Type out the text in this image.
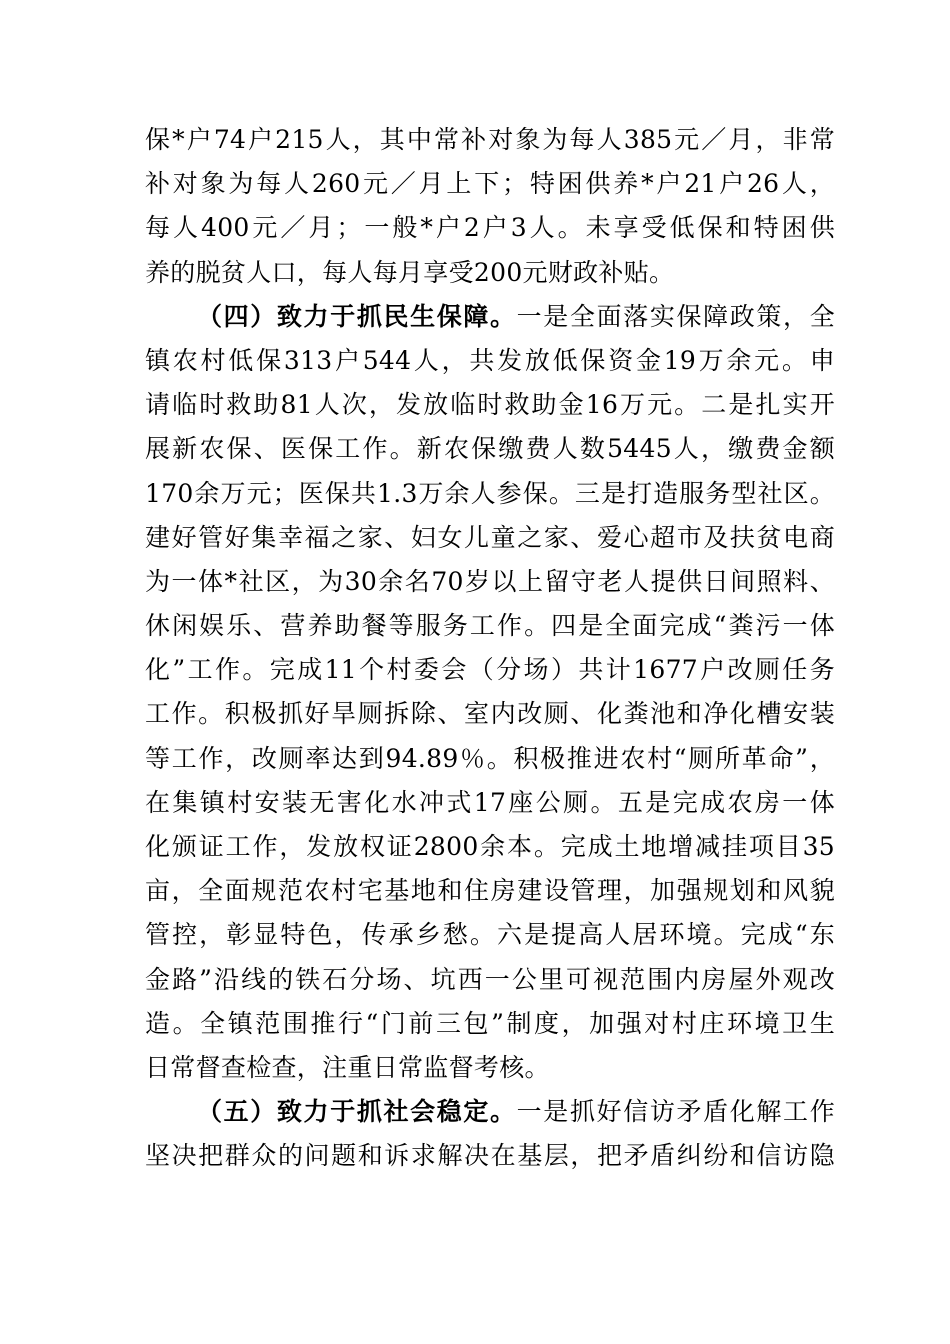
保*户74户215人，其中常补对象为每人385元／月，非常
补对象为每人260元／月上下；特困供养*户21户26人，
每人400元／月；一般*户2户3人。未享受低保和特困供
养的脱贫人口，每人每月享受200元财政补贴。
（四）致力于抓民生保障。一是全面落实保障政策，全
镇农村低保313户544人，共发放低保资金19万余元。申
请临时救助81人次，发放临时救助金16万元。二是扎实开
展新农保、医保工作。新农保缴费人数5445人，缴费金额
170余万元；医保共1.3万余人参保。三是打造服务型社区。
建好管好集幸福之家、妇女儿童之家、爱心超市及扶贫电商
为一体*社区，为30余名70岁以上留守老人提供日间照料、
休闲娱乐、营养助餐等服务工作。四是全面完成“粪污一体
化”工作。完成11个村委会（分场）共计1677户改厕任务
工作。积极抓好旱厕拆除、室内改厕、化粪池和净化槽安装
等工作，改厕率达到94.89％。积极推进农村“厕所革命”，
在集镇村安装无害化水冲式17座公厕。五是完成农房一体
化颁证工作，发放权证2800余本。完成土地增减挂项目35
亩，全面规范农村宅基地和住房建设管理，加强规划和风貌
管控，彰显特色，传承乡愁。六是提高人居环境。完成“东
金路”沿线的铁石分场、坑西一公里可视范围内房屋外观改
造。全镇范围推行“门前三包”制度，加强对村庄环境卫生
日常督查检查，注重日常监督考核。
（五）致力于抓社会稳定。一是抓好信访矛盾化解工作
坚决把群众的问题和诉求解决在基层，把矛盾纠纷和信访隐
